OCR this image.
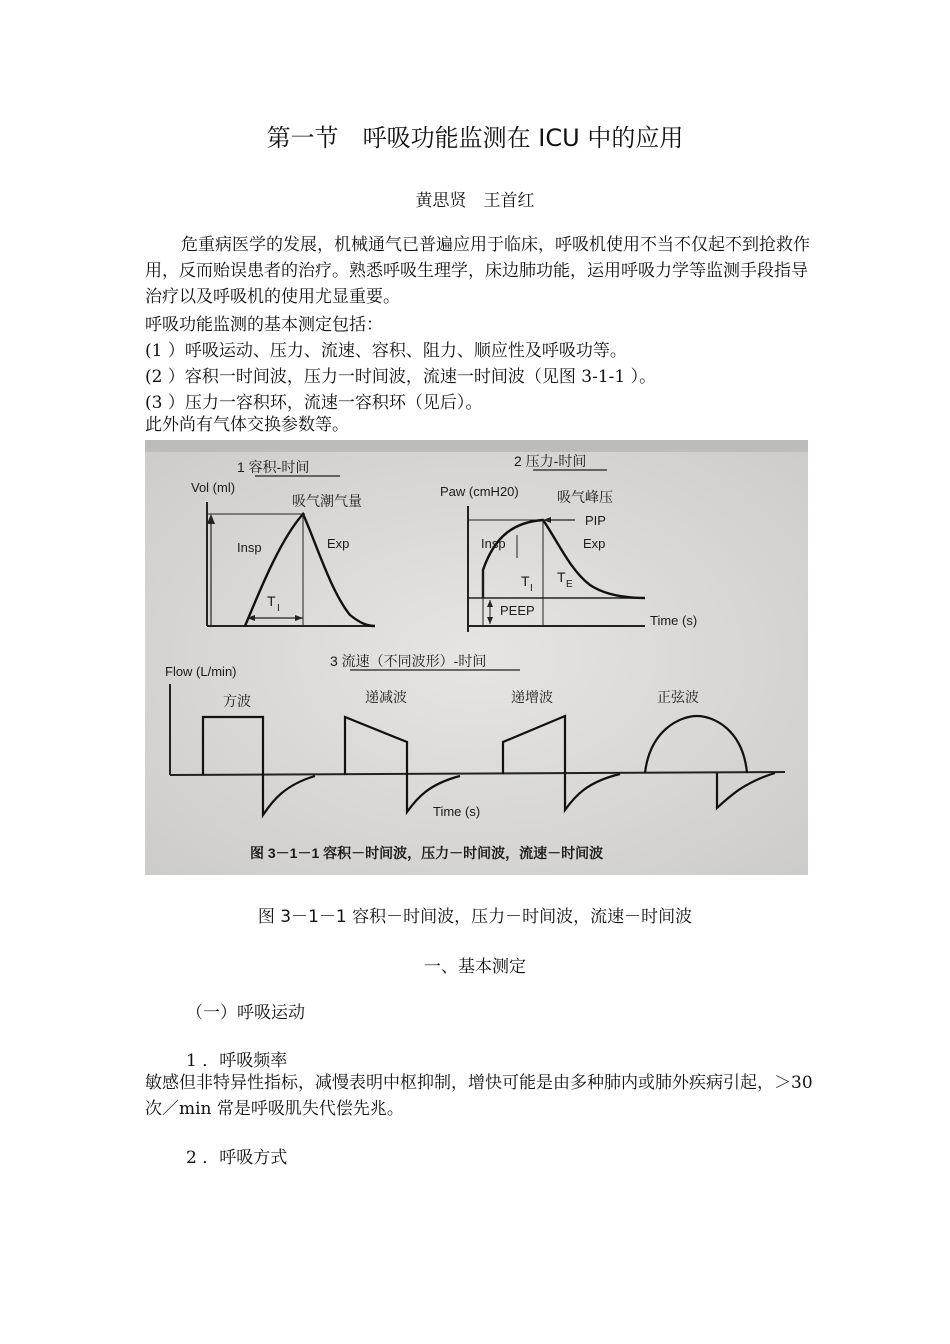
第一节　呼吸功能监测在 ICU 中的应用
黄思贤　王首红
危重病医学的发展，机械通气已普遍应用于临床，呼吸机使用不当不仅起不到抢救作用，反而贻误患者的治疗。熟悉呼吸生理学，床边肺功能，运用呼吸力学等监测手段指导治疗以及呼吸机的使用尤显重要。
呼吸功能监测的基本测定包括：
(1 ）呼吸运动、压力、流速、容积、阻力、顺应性及呼吸功等。
(2 ）容积一时间波，压力一时间波，流速一时间波（见图 3-1-1 ）。
(3 ）压力一容积环，流速一容积环（见后）。
此外尚有气体交换参数等。
1 容积-时间
Vol (ml)
吸气潮气量
Insp	Exp
T I
2 压力-时间
Paw (cmH20)	吸气峰压
PIP
Insp	Exp
T I
T E
PEEP
Time (s)
3 流速（不同波形）-时间
Flow (L/min)
方波	递减波	递增波	正弦波
Time (s)
图 3－1－1 容积－时间波，压力－时间波，流速－时间波
图 3－1－1 容积－时间波，压力－时间波，流速－时间波
一、基本测定
（一）呼吸运动
1 ．呼吸频率
敏感但非特异性指标，减慢表明中枢抑制，增快可能是由多种肺内或肺外疾病引起，＞30 次／min 常是呼吸肌失代偿先兆。
2 ．呼吸方式
